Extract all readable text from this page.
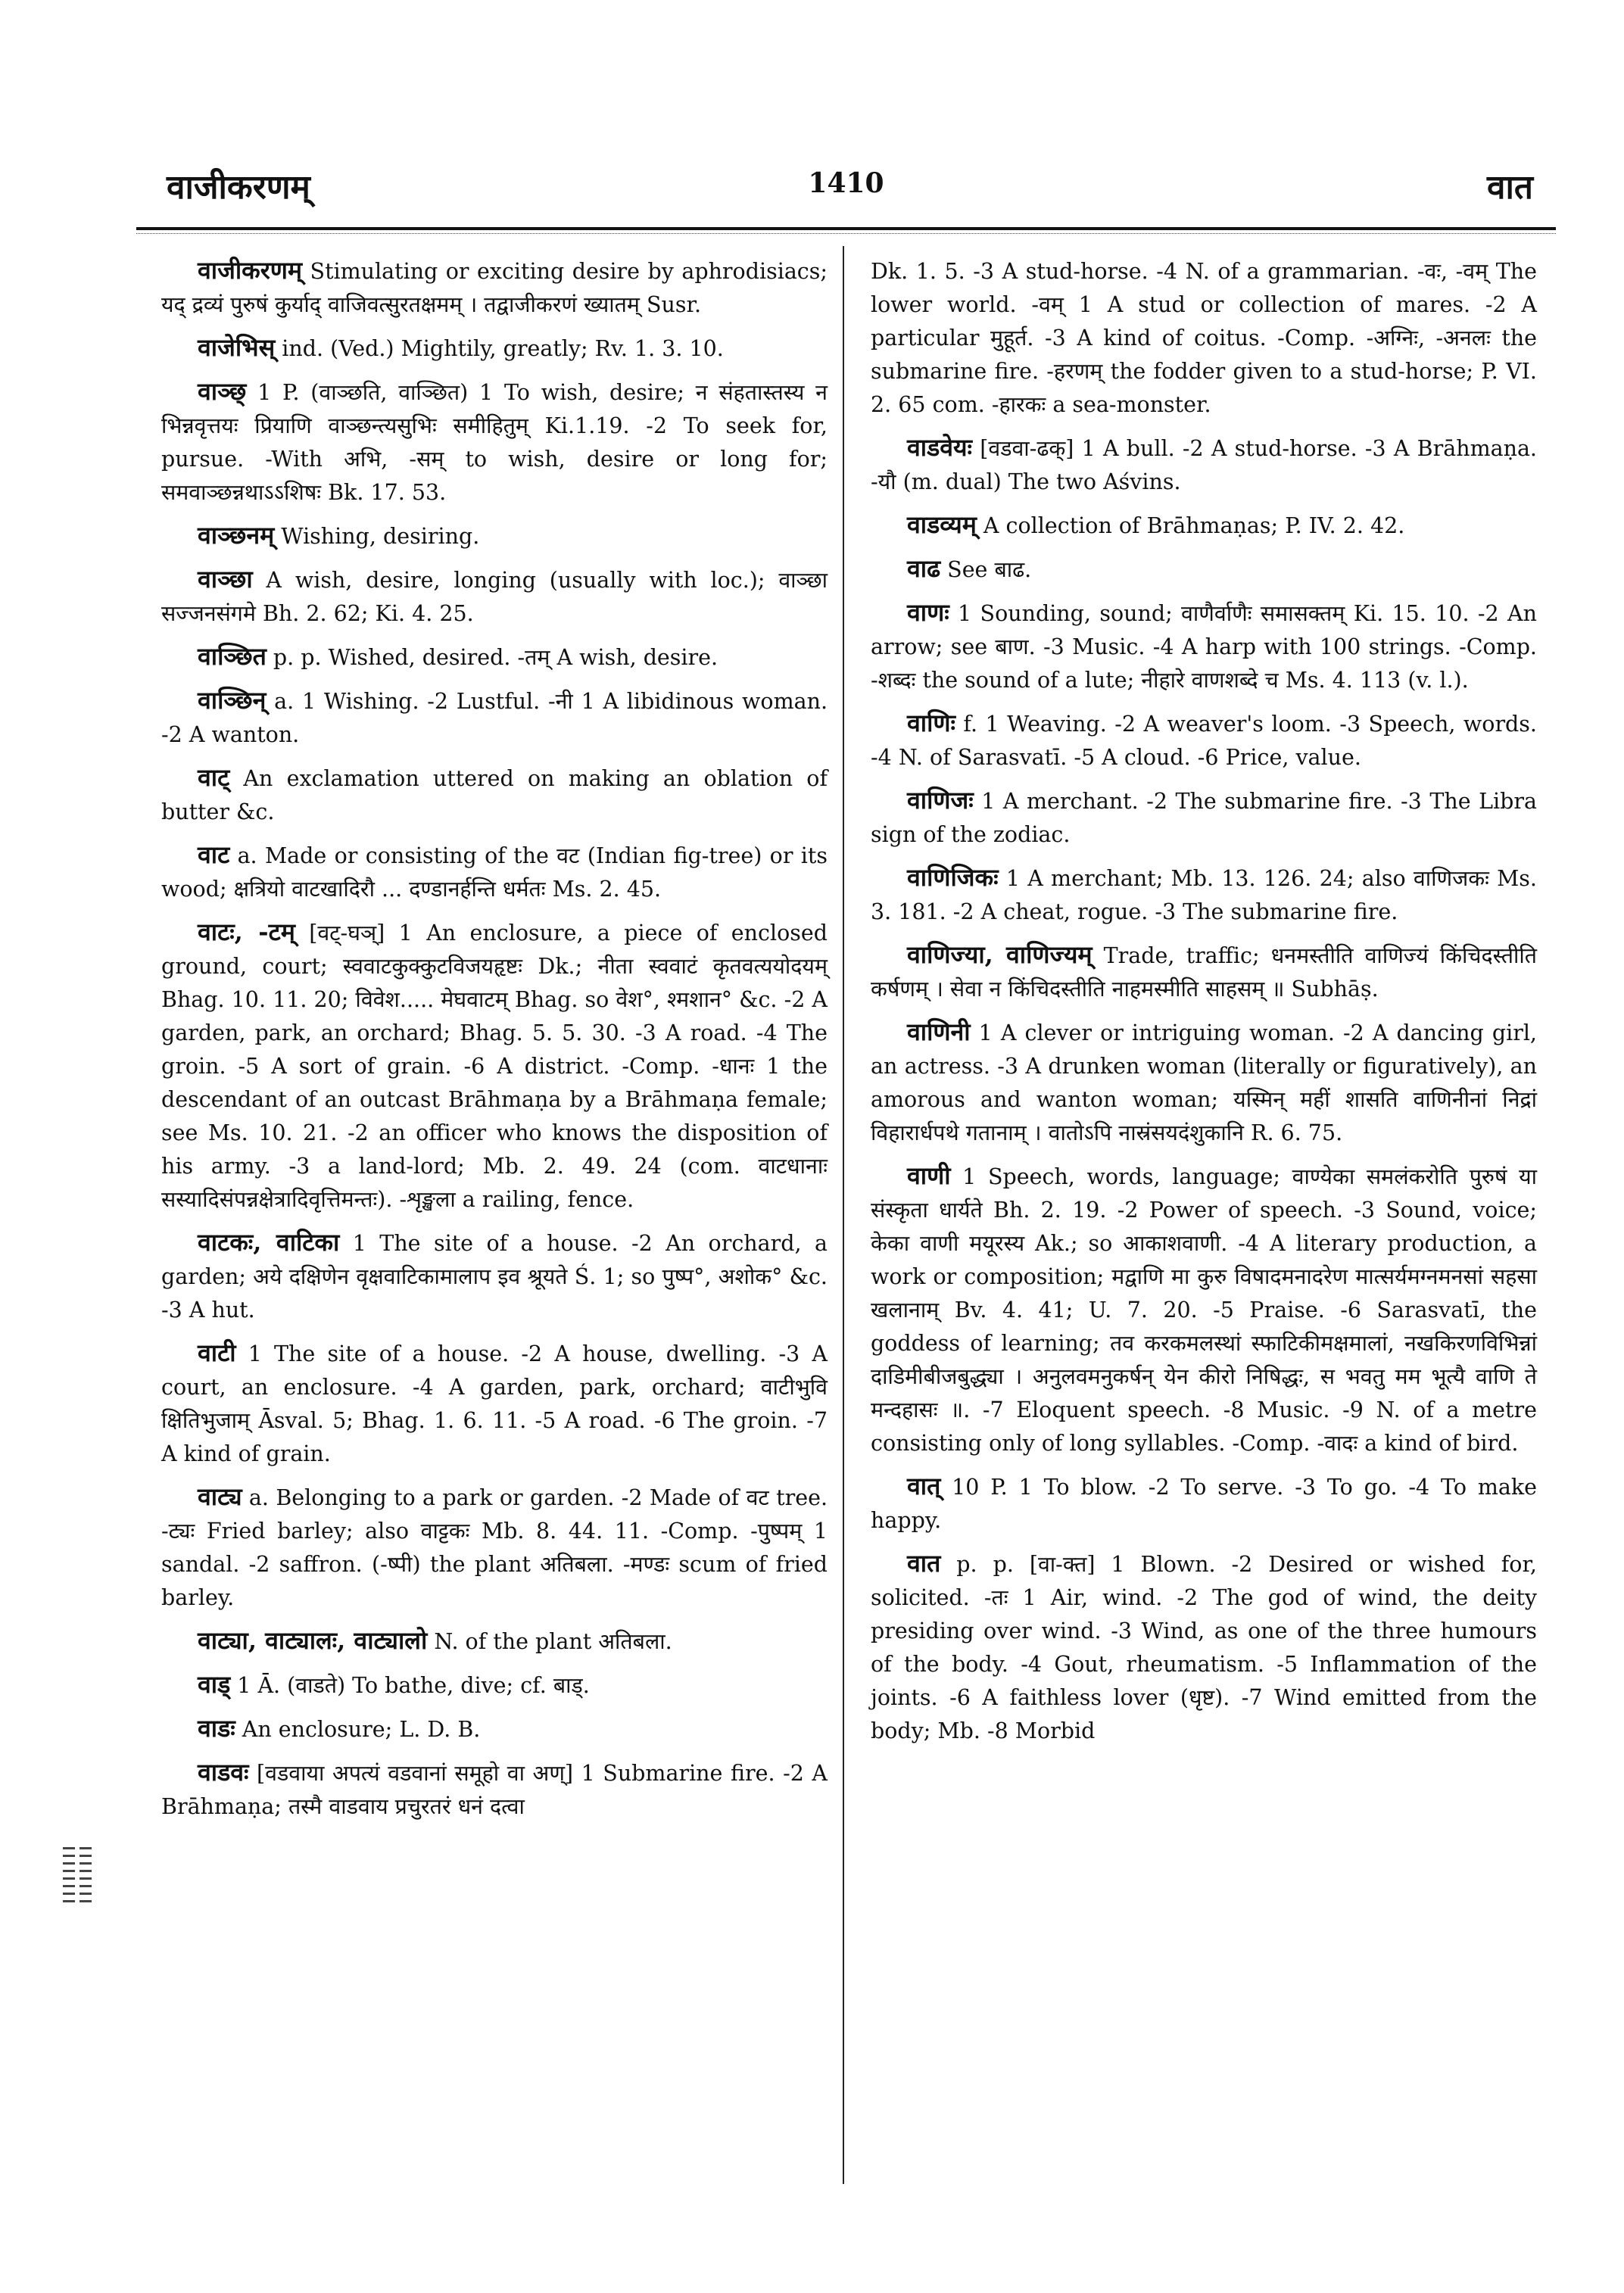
वाजीकरणम्	1410	वात

वाजीकरणम् Stimulating or exciting desire by aphrodisiacs; यद् द्रव्यं पुरुषं कुर्याद् वाजिवत्सुरतक्षमम् । तद्वाजीकरणं ख्यातम् Susr.

वाजेभिस् ind. (Ved.) Mightily, greatly; Rv. 1. 3. 10.

वाञ्छ् 1 P. (वाञ्छति, वाञ्छित) 1 To wish, desire; न संहतास्तस्य न भिन्नवृत्तयः प्रियाणि वाञ्छन्त्यसुभिः समीहितुम् Ki.1.19. -2 To seek for, pursue. -With अभि, -सम् to wish, desire or long for; समवाञ्छन्नथाऽऽशिषः Bk. 17. 53.

वाञ्छनम् Wishing, desiring.

वाञ्छा A wish, desire, longing (usually with loc.); वाञ्छा सज्जनसंगमे Bh. 2. 62; Ki. 4. 25.

वाञ्छित p. p. Wished, desired. -तम् A wish, desire.

वाञ्छिन् a. 1 Wishing. -2 Lustful. -नी 1 A libidinous woman. -2 A wanton.

वाट् An exclamation uttered on making an oblation of butter &c.

वाट a. Made or consisting of the वट (Indian fig-tree) or its wood; क्षत्रियो वाटखादिरौ ... दण्डानर्हन्ति धर्मतः Ms. 2. 45.

वाटः, -टम् [वट्-घञ्] 1 An enclosure, a piece of enclosed ground, court; स्ववाटकुक्कुटविजयहृष्टः Dk.; नीता स्ववाटं कृतवत्ययोदयम् Bhag. 10. 11. 20; विवेश..... मेघवाटम् Bhag. so वेश°, श्मशान° &c. -2 A garden, park, an orchard; Bhag. 5. 5. 30. -3 A road. -4 The groin. -5 A sort of grain. -6 A district. -Comp. -धानः 1 the descendant of an outcast Brāhmaṇa by a Brāhmaṇa female; see Ms. 10. 21. -2 an officer who knows the disposition of his army. -3 a land-lord; Mb. 2. 49. 24 (com. वाटधानाः सस्यादिसंपन्नक्षेत्रादिवृत्तिमन्तः). -शृङ्खला a railing, fence.

वाटकः, वाटिका 1 The site of a house. -2 An orchard, a garden; अये दक्षिणेन वृक्षवाटिकामालाप इव श्रूयते Ś. 1; so पुष्प°, अशोक° &c. -3 A hut.

वाटी 1 The site of a house. -2 A house, dwelling. -3 A court, an enclosure. -4 A garden, park, orchard; वाटीभुवि क्षितिभुजाम् Āsval. 5; Bhag. 1. 6. 11. -5 A road. -6 The groin. -7 A kind of grain.

वाट्य a. Belonging to a park or garden. -2 Made of वट tree. -ट्यः Fried barley; also वाट्टकः Mb. 8. 44. 11. -Comp. -पुष्पम् 1 sandal. -2 saffron. (-ष्पी) the plant अतिबला. -मण्डः scum of fried barley.

वाट्या, वाट्यालः, वाट्यालो N. of the plant अतिबला.

वाड् 1 Ā. (वाडते) To bathe, dive; cf. बाड्.

वाडः An enclosure; L. D. B.

वाडवः [वडवाया अपत्यं वडवानां समूहो वा अण्] 1 Submarine fire. -2 A Brāhmaṇa; तस्मै वाडवाय प्रचुरतरं धनं दत्वा

Dk. 1. 5. -3 A stud-horse. -4 N. of a grammarian. -वः, -वम् The lower world. -वम् 1 A stud or collection of mares. -2 A particular मुहूर्त. -3 A kind of coitus. -Comp. -अग्निः, -अनलः the submarine fire. -हरणम् the fodder given to a stud-horse; P. VI. 2. 65 com. -हारकः a sea-monster.

वाडवेयः [वडवा-ढक्] 1 A bull. -2 A stud-horse. -3 A Brāhmaṇa. -यौ (m. dual) The two Aśvins.

वाडव्यम् A collection of Brāhmaṇas; P. IV. 2. 42.

वाढ See बाढ.

वाणः 1 Sounding, sound; वाणैर्वाणैः समासक्तम् Ki. 15. 10. -2 An arrow; see बाण. -3 Music. -4 A harp with 100 strings. -Comp. -शब्दः the sound of a lute; नीहारे वाणशब्दे च Ms. 4. 113 (v. l.).

वाणिः f. 1 Weaving. -2 A weaver's loom. -3 Speech, words. -4 N. of Sarasvatī. -5 A cloud. -6 Price, value.

वाणिजः 1 A merchant. -2 The submarine fire. -3 The Libra sign of the zodiac.

वाणिजिकः 1 A merchant; Mb. 13. 126. 24; also वाणिजकः Ms. 3. 181. -2 A cheat, rogue. -3 The submarine fire.

वाणिज्या, वाणिज्यम् Trade, traffic; धनमस्तीति वाणिज्यं किंचिदस्तीति कर्षणम् । सेवा न किंचिदस्तीति नाहमस्मीति साहसम् ॥ Subhāṣ.

वाणिनी 1 A clever or intriguing woman. -2 A dancing girl, an actress. -3 A drunken woman (literally or figuratively), an amorous and wanton woman; यस्मिन् महीं शासति वाणिनीनां निद्रां विहारार्धपथे गतानाम् । वातोऽपि नास्रंसयदंशुकानि R. 6. 75.

वाणी 1 Speech, words, language; वाण्येका समलंकरोति पुरुषं या संस्कृता धार्यते Bh. 2. 19. -2 Power of speech. -3 Sound, voice; केका वाणी मयूरस्य Ak.; so आकाशवाणी. -4 A literary production, a work or composition; मद्वाणि मा कुरु विषादमनादरेण मात्सर्यमग्नमनसां सहसा खलानाम् Bv. 4. 41; U. 7. 20. -5 Praise. -6 Sarasvatī, the goddess of learning; तव करकमलस्थां स्फाटिकीमक्षमालां, नखकिरणविभिन्नां दाडिमीबीजबुद्ध्या । अनुलवमनुकर्षन् येन कीरो निषिद्धः, स भवतु मम भूत्यै वाणि ते मन्दहासः ॥. -7 Eloquent speech. -8 Music. -9 N. of a metre consisting only of long syllables. -Comp. -वादः a kind of bird.

वात् 10 P. 1 To blow. -2 To serve. -3 To go. -4 To make happy.

वात p. p. [वा-क्त] 1 Blown. -2 Desired or wished for, solicited. -तः 1 Air, wind. -2 The god of wind, the deity presiding over wind. -3 Wind, as one of the three humours of the body. -4 Gout, rheumatism. -5 Inflammation of the joints. -6 A faithless lover (धृष्ट). -7 Wind emitted from the body; Mb. -8 Morbid
